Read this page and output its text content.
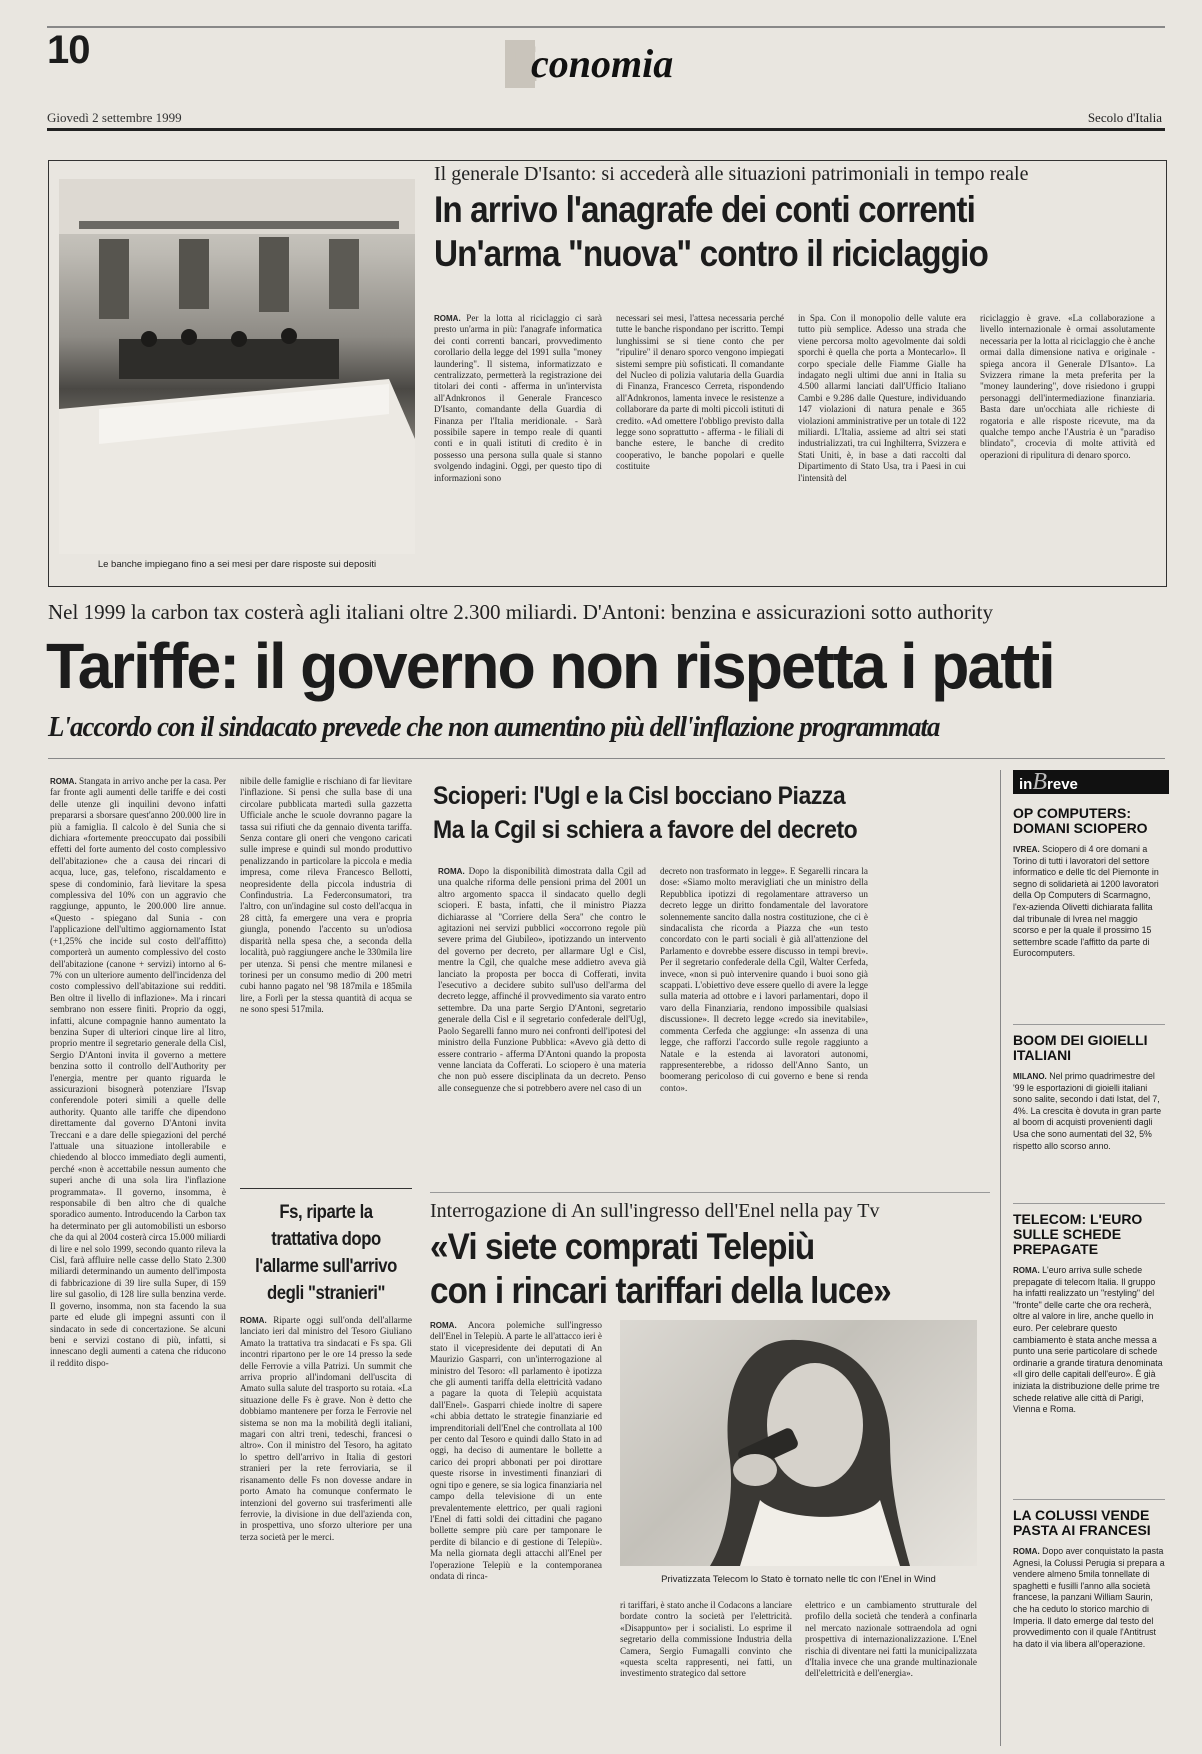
10	Economia
Giovedì 2 settembre 1999	Secolo d'Italia
Le banche impiegano fino a sei mesi per dare risposte sui depositi
Il generale D'Isanto: si accederà alle situazioni patrimoniali in tempo reale
In arrivo l'anagrafe dei conti correnti
Un'arma "nuova" contro il riciclaggio
ROMA. Per la lotta al riciclaggio ci sarà presto un'arma in più: l'anagrafe informatica dei conti correnti bancari, provvedimento corollario della legge del 1991 sulla "money laundering". Il sistema, informatizzato e centralizzato, permetterà la registrazione dei titolari dei conti - afferma in un'intervista all'Adnkronos il Generale Francesco D'Isanto, comandante della Guardia di Finanza per l'Italia meridionale. - Sarà possibile sapere in tempo reale di quanti conti e in quali istituti di credito è in possesso una persona sulla quale si stanno svolgendo indagini. Oggi, per questo tipo di informazioni sono
necessari sei mesi, l'attesa necessaria perché tutte le banche rispondano per iscritto. Tempi lunghissimi se si tiene conto che per "ripulire" il denaro sporco vengono impiegati sistemi sempre più sofisticati. Il comandante del Nucleo di polizia valutaria della Guardia di Finanza, Francesco Cerreta, rispondendo all'Adnkronos, lamenta invece le resistenze a collaborare da parte di molti piccoli istituti di credito. «Ad omettere l'obbligo previsto dalla legge sono soprattutto - afferma - le filiali di banche estere, le banche di credito cooperativo, le banche popolari e quelle costituite
in Spa. Con il monopolio delle valute era tutto più semplice. Adesso una strada che viene percorsa molto agevolmente dai soldi sporchi è quella che porta a Montecarlo». Il corpo speciale delle Fiamme Gialle ha indagato negli ultimi due anni in Italia su 4.500 allarmi lanciati dall'Ufficio Italiano Cambi e 9.286 dalle Questure, individuando 147 violazioni di natura penale e 365 violazioni amministrative per un totale di 122 miliardi. L'Italia, assieme ad altri sei stati industrializzati, tra cui Inghilterra, Svizzera e Stati Uniti, è, in base a dati raccolti dal Dipartimento di Stato Usa, tra i Paesi in cui l'intensità del
riciclaggio è grave. «La collaborazione a livello internazionale è ormai assolutamente necessaria per la lotta al riciclaggio che è anche ormai dalla dimensione nativa e originale - spiega ancora il Generale D'Isanto». La Svizzera rimane la meta preferita per la "money laundering", dove risiedono i gruppi personaggi dell'intermediazione finanziaria. Basta dare un'occhiata alle richieste di rogatoria e alle risposte ricevute, ma da qualche tempo anche l'Austria è un "paradiso blindato", crocevia di molte attività ed operazioni di ripulitura di denaro sporco.
Nel 1999 la carbon tax costerà agli italiani oltre 2.300 miliardi. D'Antoni: benzina e assicurazioni sotto authority
Tariffe: il governo non rispetta i patti
L'accordo con il sindacato prevede che non aumentino più dell'inflazione programmata
ROMA. Stangata in arrivo anche per la casa. Per far fronte agli aumenti delle tariffe e dei costi delle utenze gli inquilini devono infatti prepararsi a sborsare quest'anno 200.000 lire in più a famiglia. Il calcolo è del Sunia che si dichiara «fortemente preoccupato dai possibili effetti del forte aumento del costo complessivo dell'abitazione» che a causa dei rincari di acqua, luce, gas, telefono, riscaldamento e spese di condominio, farà lievitare la spesa complessiva del 10% con un aggravio che raggiunge, appunto, le 200.000 lire annue. «Questo - spiegano dal Sunia - con l'applicazione dell'ultimo aggiornamento Istat (+1,25% che incide sul costo dell'affitto) comporterà un aumento complessivo del costo dell'abitazione (canone + servizi) intorno al 6-7% con un ulteriore aumento dell'incidenza del costo complessivo dell'abitazione sui redditi. Ben oltre il livello di inflazione». Ma i rincari sembrano non essere finiti. Proprio da oggi, infatti, alcune compagnie hanno aumentato la benzina Super di ulteriori cinque lire al litro, proprio mentre il segretario generale della Cisl, Sergio D'Antoni invita il governo a mettere benzina sotto il controllo dell'Authority per l'energia, mentre per quanto riguarda le assicurazioni bisognerà potenziare l'Isvap conferendole poteri simili a quelle delle authority. Quanto alle tariffe che dipendono direttamente dal governo D'Antoni invita Treccani e a dare delle spiegazioni del perché l'attuale una situazione intollerabile e chiedendo al blocco immediato degli aumenti, perché «non è accettabile nessun aumento che superi anche di una sola lira l'inflazione programmata». Il governo, insomma, è responsabile di ben altro che di qualche sporadico aumento. Introducendo la Carbon tax ha determinato per gli automobilisti un esborso che da qui al 2004 costerà circa 15.000 miliardi di lire e nel solo 1999, secondo quanto rileva la Cisl, farà affluire nelle casse dello Stato 2.300 miliardi determinando un aumento dell'imposta di fabbricazione di 39 lire sulla Super, di 159 lire sul gasolio, di 128 lire sulla benzina verde. Il governo, insomma, non sta facendo la sua parte ed elude gli impegni assunti con il sindacato in sede di concertazione. Se alcuni beni e servizi costano di più, infatti, si innescano degli aumenti a catena che riducono il reddito dispo-
nibile delle famiglie e rischiano di far lievitare l'inflazione. Si pensi che sulla base di una circolare pubblicata martedì sulla gazzetta Ufficiale anche le scuole dovranno pagare la tassa sui rifiuti che da gennaio diventa tariffa. Senza contare gli oneri che vengono caricati sulle imprese e quindi sul mondo produttivo penalizzando in particolare la piccola e media impresa, come rileva Francesco Bellotti, neopresidente della piccola industria di Confindustria. La Federconsumatori, tra l'altro, con un'indagine sul costo dell'acqua in 28 città, fa emergere una vera e propria giungla, ponendo l'accento su un'odiosa disparità nella spesa che, a seconda della località, può raggiungere anche le 330mila lire per utenza. Si pensi che mentre milanesi e torinesi per un consumo medio di 200 metri cubi hanno pagato nel '98 187mila e 185mila lire, a Forlì per la stessa quantità di acqua se ne sono spesi 517mila.
Fs, riparte la trattativa dopo l'allarme sull'arrivo degli "stranieri"
ROMA. Riparte oggi sull'onda dell'allarme lanciato ieri dal ministro del Tesoro Giuliano Amato la trattativa tra sindacati e Fs spa. Gli incontri ripartono per le ore 14 presso la sede delle Ferrovie a villa Patrizi. Un summit che arriva proprio all'indomani dell'uscita di Amato sulla salute del trasporto su rotaia. «La situazione delle Fs è grave. Non è detto che dobbiamo mantenere per forza le Ferrovie nel sistema se non ma la mobilità degli italiani, magari con altri treni, tedeschi, francesi o altro». Con il ministro del Tesoro, ha agitato lo spettro dell'arrivo in Italia di gestori stranieri per la rete ferroviaria, se il risanamento delle Fs non dovesse andare in porto Amato ha comunque confermato le intenzioni del governo sui trasferimenti alle ferrovie, la divisione in due dell'azienda con, in prospettiva, uno sforzo ulteriore per una terza società per le merci.
Scioperi: l'Ugl e la Cisl bocciano Piazza
Ma la Cgil si schiera a favore del decreto
ROMA. Dopo la disponibilità dimostrata dalla Cgil ad una qualche riforma delle pensioni prima del 2001 un altro argomento spacca il sindacato quello degli scioperi. E basta, infatti, che il ministro Piazza dichiarasse al "Corriere della Sera" che contro le agitazioni nei servizi pubblici «occorrono regole più severe prima del Giubileo», ipotizzando un intervento del governo per decreto, per allarmare Ugl e Cisl, mentre la Cgil, che qualche mese addietro aveva già lanciato la proposta per bocca di Cofferati, invita l'esecutivo a decidere subito sull'uso dell'arma del decreto legge, affinché il provvedimento sia varato entro settembre. Da una parte Sergio D'Antoni, segretario generale della Cisl e il segretario confederale dell'Ugl, Paolo Segarelli fanno muro nei confronti dell'ipotesi del ministro della Funzione Pubblica: «Avevo già detto di essere contrario - afferma D'Antoni quando la proposta venne lanciata da Cofferati. Lo sciopero è una materia che non può essere disciplinata da un decreto. Penso alle conseguenze che si potrebbero avere nel caso di un
decreto non trasformato in legge». E Segarelli rincara la dose: «Siamo molto meravigliati che un ministro della Repubblica ipotizzi di regolamentare attraverso un decreto legge un diritto fondamentale del lavoratore solennemente sancito dalla nostra costituzione, che ci è sindacalista che ricorda a Piazza che «un testo concordato con le parti sociali è già all'attenzione del Parlamento e dovrebbe essere discusso in tempi brevi». Per il segretario confederale della Cgil, Walter Cerfeda, invece, «non si può intervenire quando i buoi sono già scappati. L'obiettivo deve essere quello di avere la legge sulla materia ad ottobre e i lavori parlamentari, dopo il varo della Finanziaria, rendono impossibile qualsiasi discussione». Il decreto legge «credo sia inevitabile», commenta Cerfeda che aggiunge: «In assenza di una legge, che rafforzi l'accordo sulle regole raggiunto a Natale e la estenda ai lavoratori autonomi, rappresenterebbe, a ridosso dell'Anno Santo, un boomerang pericoloso di cui governo e bene si renda conto».
Interrogazione di An sull'ingresso dell'Enel nella pay Tv
«Vi siete comprati Telepiù
con i rincari tariffari della luce»
ROMA. Ancora polemiche sull'ingresso dell'Enel in Telepiù. A parte le all'attacco ieri è stato il vicepresidente dei deputati di An Maurizio Gasparri, con un'interrogazione al ministro del Tesoro: «Il parlamento è ipotizza che gli aumenti tariffa della elettricità vadano a pagare la quota di Telepiù acquistata dall'Enel». Gasparri chiede inoltre di sapere «chi abbia dettato le strategie finanziarie ed imprenditoriali dell'Enel che controllata al 100 per cento dal Tesoro e quindi dallo Stato in ad oggi, ha deciso di aumentare le bollette a carico dei propri abbonati per poi dirottare queste risorse in investimenti finanziari di ogni tipo e genere, se sia logica finanziaria nel campo della televisione di un ente prevalentemente elettrico, per quali ragioni l'Enel di fatti soldi dei cittadini che pagano bollette sempre più care per tamponare le perdite di bilancio e di gestione di Telepiù». Ma nella giornata degli attacchi all'Enel per l'operazione Telepiù e la contemporanea ondata di rinca-	Privatizzata Telecom lo Stato è tornato nelle tlc con l'Enel in Wind
ri tariffari, è stato anche il Codacons a lanciare bordate contro la società per l'elettricità. «Disappunto» per i socialisti. Lo esprime il segretario della commissione Industria della Camera, Sergio Fumagalli convinto che «questa scelta rappresenti, nei fatti, un investimento strategico dal settore
elettrico e un cambiamento strutturale del profilo della società che tenderà a confinarla nel mercato nazionale sottraendola ad ogni prospettiva di internazionalizzazione. L'Enel rischia di diventare nei fatti la municipalizzata d'Italia invece che una grande multinazionale dell'elettricità e dell'energia».
inBreve
OP COMPUTERS: DOMANI SCIOPERO
IVREA. Sciopero di 4 ore domani a Torino di tutti i lavoratori del settore informatico e delle tlc del Piemonte in segno di solidarietà ai 1200 lavoratori della Op Computers di Scarmagno, l'ex-azienda Olivetti dichiarata fallita dal tribunale di Ivrea nel maggio scorso e per la quale il prossimo 15 settembre scade l'affitto da parte di Eurocomputers.
BOOM DEI GIOIELLI ITALIANI
MILANO. Nel primo quadrimestre del '99 le esportazioni di gioielli italiani sono salite, secondo i dati Istat, del 7, 4%. La crescita è dovuta in gran parte al boom di acquisti provenienti dagli Usa che sono aumentati del 32, 5% rispetto allo scorso anno.
TELECOM: L'EURO SULLE SCHEDE PREPAGATE
ROMA. L'euro arriva sulle schede prepagate di telecom Italia. Il gruppo ha infatti realizzato un "restyling" del "fronte" delle carte che ora recherà, oltre al valore in lire, anche quello in euro. Per celebrare questo cambiamento è stata anche messa a punto una serie particolare di schede ordinarie a grande tiratura denominata «Il giro delle capitali dell'euro». È già iniziata la distribuzione delle prime tre schede relative alle città di Parigi, Vienna e Roma.
LA COLUSSI VENDE PASTA AI FRANCESI
ROMA. Dopo aver conquistato la pasta Agnesi, la Colussi Perugia si prepara a vendere almeno 5mila tonnellate di spaghetti e fusilli l'anno alla società francese, la panzani William Saurin, che ha ceduto lo storico marchio di Imperia. Il dato emerge dal testo del provvedimento con il quale l'Antitrust ha dato il via libera all'operazione.
